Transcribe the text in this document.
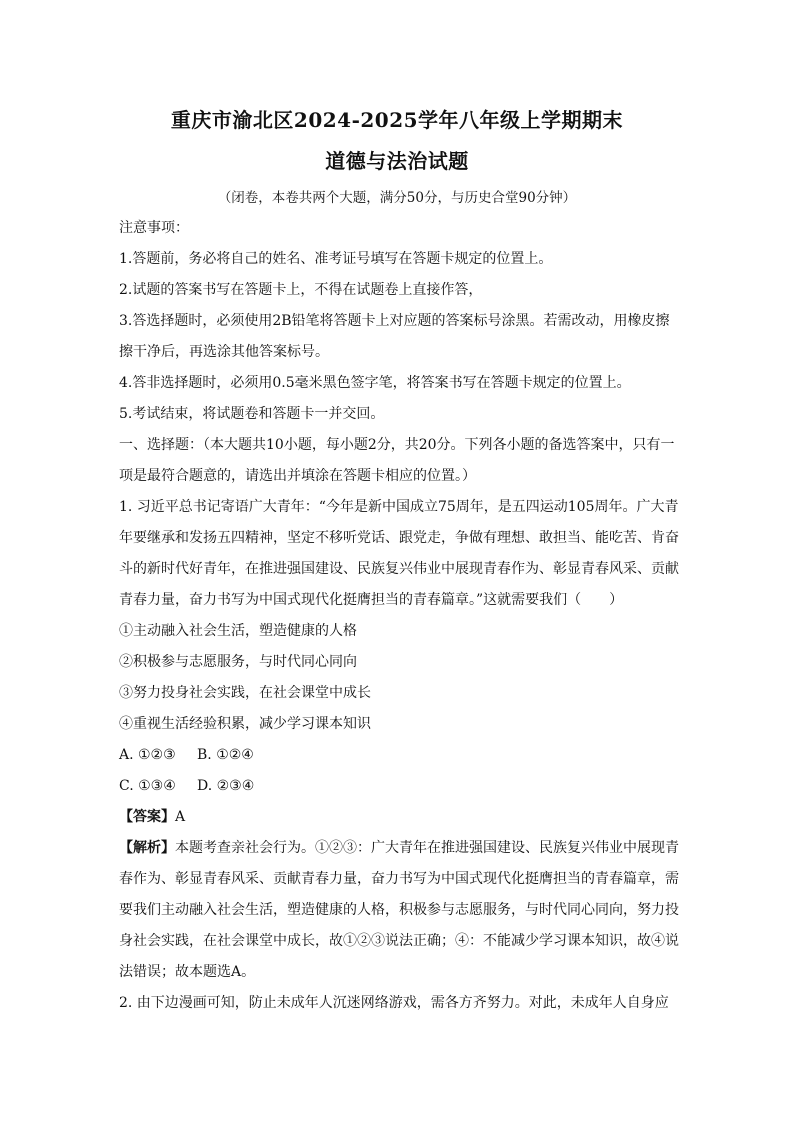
重庆市渝北区2024-2025学年八年级上学期期末
道德与法治试题

（闭卷，本卷共两个大题，满分50分，与历史合堂90分钟）

注意事项：

1.答题前，务必将自己的姓名、准考证号填写在答题卡规定的位置上。

2.试题的答案书写在答题卡上，不得在试题卷上直接作答，

3.答选择题时，必须使用2B铅笔将答题卡上对应题的答案标号涂黑。若需改动，用橡皮擦擦干净后，再选涂其他答案标号。

4.答非选择题时，必须用0.5毫米黑色签字笔，将答案书写在答题卡规定的位置上。

5.考试结束，将试题卷和答题卡一并交回。

一、选择题：（本大题共10小题，每小题2分，共20分。下列各小题的备选答案中，只有一项是最符合题意的，请选出并填涂在答题卡相应的位置。）

1. 习近平总书记寄语广大青年：“今年是新中国成立75周年，是五四运动105周年。广大青年要继承和发扬五四精神，坚定不移听党话、跟党走，争做有理想、敢担当、能吃苦、肯奋斗的新时代好青年，在推进强国建设、民族复兴伟业中展现青春作为、彰显青春风采、贡献青春力量，奋力书写为中国式现代化挺膺担当的青春篇章。”这就需要我们（　　）

①主动融入社会生活，塑造健康的人格

②积极参与志愿服务，与时代同心同向

③努力投身社会实践，在社会课堂中成长

④重视生活经验积累，减少学习课本知识

A. ①②③ B. ①②④

C. ①③④ D. ②③④

【答案】A

【解析】本题考查亲社会行为。①②③：广大青年在推进强国建设、民族复兴伟业中展现青春作为、彰显青春风采、贡献青春力量，奋力书写为中国式现代化挺膺担当的青春篇章，需要我们主动融入社会生活，塑造健康的人格，积极参与志愿服务，与时代同心同向，努力投身社会实践，在社会课堂中成长，故①②③说法正确；④：不能减少学习课本知识，故④说法错误；故本题选A。

2. 由下边漫画可知，防止未成年人沉迷网络游戏，需各方齐努力。对此，未成年人自身应
